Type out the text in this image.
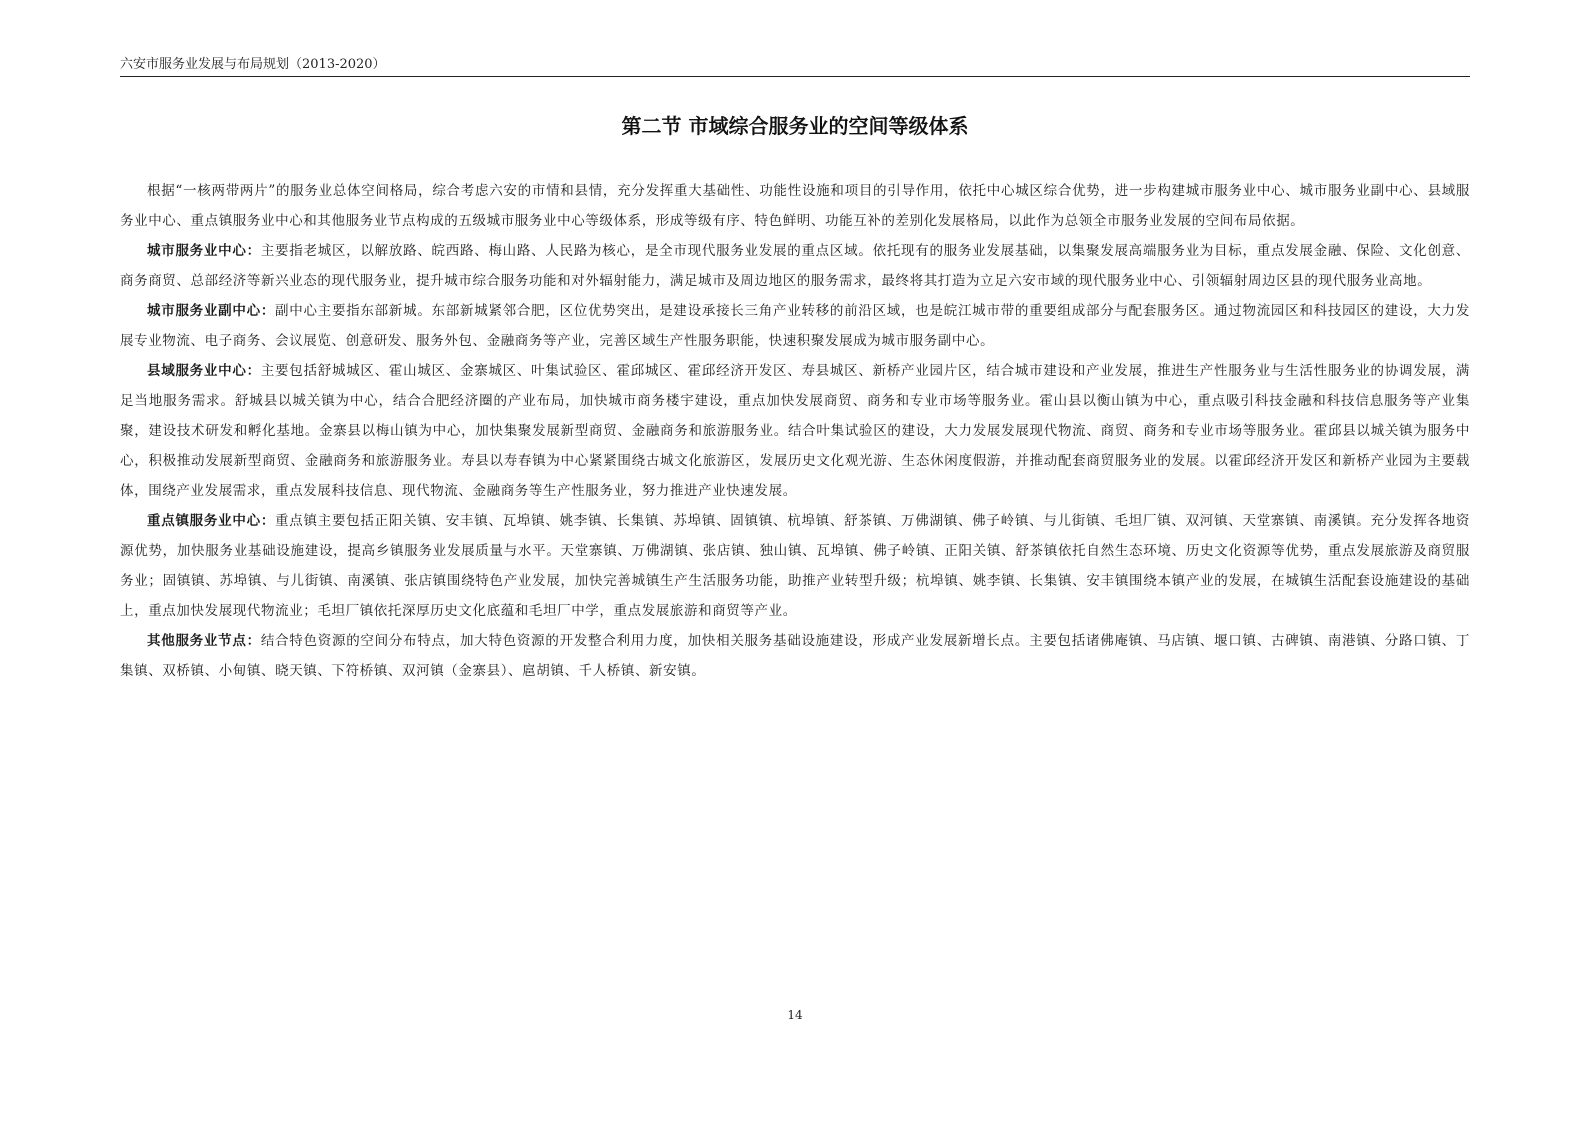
六安市服务业发展与布局规划（2013-2020）
第二节 市域综合服务业的空间等级体系

根据“一核两带两片”的服务业总体空间格局，综合考虑六安的市情和县情，充分发挥重大基础性、功能性设施和项目的引导作用，依托中心城区综合优势，进一步构建城市服务业中心、城市服务业副中心、县域服务业中心、重点镇服务业中心和其他服务业节点构成的五级城市服务业中心等级体系，形成等级有序、特色鲜明、功能互补的差别化发展格局，以此作为总领全市服务业发展的空间布局依据。

城市服务业中心：主要指老城区，以解放路、皖西路、梅山路、人民路为核心，是全市现代服务业发展的重点区域。依托现有的服务业发展基础，以集聚发展高端服务业为目标，重点发展金融、保险、文化创意、商务商贸、总部经济等新兴业态的现代服务业，提升城市综合服务功能和对外辐射能力，满足城市及周边地区的服务需求，最终将其打造为立足六安市域的现代服务业中心、引领辐射周边区县的现代服务业高地。

城市服务业副中心：副中心主要指东部新城。东部新城紧邻合肥，区位优势突出，是建设承接长三角产业转移的前沿区域，也是皖江城市带的重要组成部分与配套服务区。通过物流园区和科技园区的建设，大力发展专业物流、电子商务、会议展览、创意研发、服务外包、金融商务等产业，完善区域生产性服务职能，快速积聚发展成为城市服务副中心。

县域服务业中心：主要包括舒城城区、霍山城区、金寨城区、叶集试验区、霍邱城区、霍邱经济开发区、寿县城区、新桥产业园片区，结合城市建设和产业发展，推进生产性服务业与生活性服务业的协调发展，满足当地服务需求。舒城县以城关镇为中心，结合合肥经济圈的产业布局，加快城市商务楼宇建设，重点加快发展商贸、商务和专业市场等服务业。霍山县以衡山镇为中心，重点吸引科技金融和科技信息服务等产业集聚，建设技术研发和孵化基地。金寨县以梅山镇为中心，加快集聚发展新型商贸、金融商务和旅游服务业。结合叶集试验区的建设，大力发展发展现代物流、商贸、商务和专业市场等服务业。霍邱县以城关镇为服务中心，积极推动发展新型商贸、金融商务和旅游服务业。寿县以寿春镇为中心紧紧围绕古城文化旅游区，发展历史文化观光游、生态休闲度假游，并推动配套商贸服务业的发展。以霍邱经济开发区和新桥产业园为主要载体，围绕产业发展需求，重点发展科技信息、现代物流、金融商务等生产性服务业，努力推进产业快速发展。

重点镇服务业中心：重点镇主要包括正阳关镇、安丰镇、瓦埠镇、姚李镇、长集镇、苏埠镇、固镇镇、杭埠镇、舒茶镇、万佛湖镇、佛子岭镇、与儿街镇、毛坦厂镇、双河镇、天堂寨镇、南溪镇。充分发挥各地资源优势，加快服务业基础设施建设，提高乡镇服务业发展质量与水平。天堂寨镇、万佛湖镇、张店镇、独山镇、瓦埠镇、佛子岭镇、正阳关镇、舒茶镇依托自然生态环境、历史文化资源等优势，重点发展旅游及商贸服务业；固镇镇、苏埠镇、与儿街镇、南溪镇、张店镇围绕特色产业发展，加快完善城镇生产生活服务功能，助推产业转型升级；杭埠镇、姚李镇、长集镇、安丰镇围绕本镇产业的发展，在城镇生活配套设施建设的基础上，重点加快发展现代物流业；毛坦厂镇依托深厚历史文化底蕴和毛坦厂中学，重点发展旅游和商贸等产业。

其他服务业节点：结合特色资源的空间分布特点，加大特色资源的开发整合利用力度，加快相关服务基础设施建设，形成产业发展新增长点。主要包括诸佛庵镇、马店镇、堰口镇、古碑镇、南港镇、分路口镇、丁集镇、双桥镇、小甸镇、晓天镇、下符桥镇、双河镇（金寨县）、扈胡镇、千人桥镇、新安镇。

14
